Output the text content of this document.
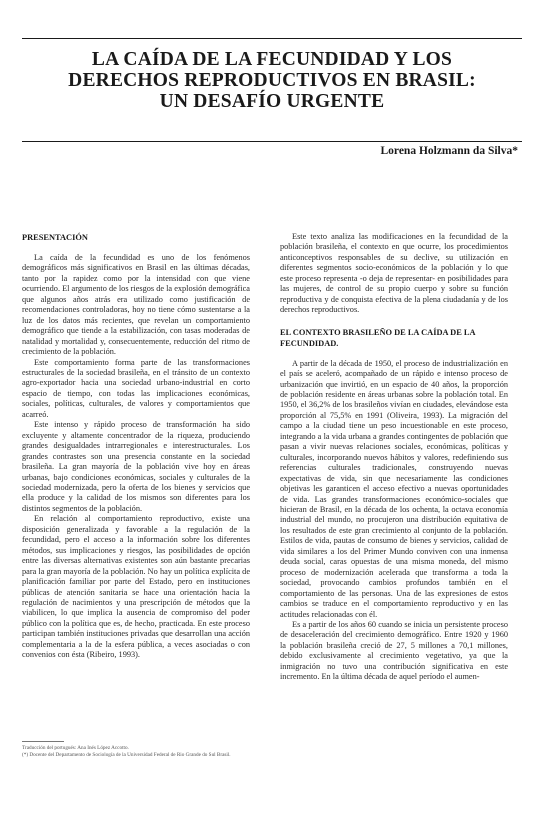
LA CAÍDA DE LA FECUNDIDAD Y LOS
DERECHOS REPRODUCTIVOS EN BRASIL:
UN DESAFÍO URGENTE
Lorena Holzmann da Silva*
PRESENTACIÓN

La caída de la fecundidad es uno de los fenómenos demográficos más significativos en Brasil en las últimas décadas, tanto por la rapidez como por la intensidad con que viene ocurriendo. El argumento de los riesgos de la explosión demográfica que algunos años atrás era utilizado como justificación de recomendaciones controladoras, hoy no tiene cómo sustentarse a la luz de los datos más recientes, que revelan un comportamiento demográfico que tiende a la estabilización, con tasas moderadas de natalidad y mortalidad y, consecuentemente, reducción del ritmo de crecimiento de la población.

Este comportamiento forma parte de las transformaciones estructurales de la sociedad brasileña, en el tránsito de un contexto agro-exportador hacia una sociedad urbano-industrial en corto espacio de tiempo, con todas las implicaciones económicas, sociales, políticas, culturales, de valores y comportamientos que acarreó.

Este intenso y rápido proceso de transformación ha sido excluyente y altamente concentrador de la riqueza, produciendo grandes desigualdades intrarregionales e interestructurales. Los grandes contrastes son una presencia constante en la sociedad brasileña. La gran mayoría de la población vive hoy en áreas urbanas, bajo condiciones económicas, sociales y culturales de la sociedad modernizada, pero la oferta de los bienes y servicios que ella produce y la calidad de los mismos son diferentes para los distintos segmentos de la población.

En relación al comportamiento reproductivo, existe una disposición generalizada y favorable a la regulación de la fecundidad, pero el acceso a la información sobre los diferentes métodos, sus implicaciones y riesgos, las posibilidades de opción entre las diversas alternativas existentes son aún bastante precarias para la gran mayoría de la población. No hay un política explícita de planificación familiar por parte del Estado, pero en instituciones públicas de atención sanitaria se hace una orientación hacia la regulación de nacimientos y una prescripción de métodos que la viabilicen, lo que implica la ausencia de compromiso del poder público con la política que es, de hecho, practicada. En este proceso participan también instituciones privadas que desarrollan una acción complementaria a la de la esfera pública, a veces asociadas o con convenios con ésta (Ribeiro, 1993).

Este texto analiza las modificaciones en la fecundidad de la población brasileña, el contexto en que ocurre, los procedimientos anticonceptivos responsables de su declive, su utilización en diferentes segmentos socio-económicos de la población y lo que este proceso representa -o deja de representar- en posibilidades para las mujeres, de control de su propio cuerpo y sobre su función reproductiva y de conquista efectiva de la plena ciudadanía y de los derechos reproductivos.

EL CONTEXTO BRASILEÑO DE LA CAÍDA DE LA FECUNDIDAD.

A partir de la década de 1950, el proceso de industrialización en el país se aceleró, acompañado de un rápido e intenso proceso de urbanización que invirtió, en un espacio de 40 años, la proporción de población residente en áreas urbanas sobre la población total. En 1950, el 36,2% de los brasileños vivían en ciudades, elevándose esta proporción al 75,5% en 1991 (Oliveira, 1993). La migración del campo a la ciudad tiene un peso incuestionable en este proceso, integrando a la vida urbana a grandes contingentes de población que pasan a vivir nuevas relaciones sociales, económicas, políticas y culturales, incorporando nuevos hábitos y valores, redefiniendo sus referencias culturales tradicionales, construyendo nuevas expectativas de vida, sin que necesariamente las condiciones objetivas les garanticen el acceso efectivo a nuevas oportunidades de vida. Las grandes transformaciones económico-sociales que hicieran de Brasil, en la década de los ochenta, la octava economía industrial del mundo, no procujeron una distribución equitativa de los resultados de este gran crecimiento al conjunto de la población. Estilos de vida, pautas de consumo de bienes y servicios, calidad de vida similares a los del Primer Mundo conviven con una inmensa deuda social, caras opuestas de una misma moneda, del mismo proceso de modernización acelerada que transforma a toda la sociedad, provocando cambios profundos también en el comportamiento de las personas. Una de las expresiones de estos cambios se traduce en el comportamiento reproductivo y en las actitudes relacionadas con él.

Es a partir de los años 60 cuando se inicia un persistente proceso de desaceleración del crecimiento demográfico. Entre 1920 y 1960 la población brasileña creció de 27, 5 millones a 70,1 millones, debido exclusivamente al crecimiento vegetativo, ya que la inmigración no tuvo una contribución significativa en este incremento. En la última década de aquel período el aumen-

Traducción del portugués: Ana Inés López Accotto.
(*) Docente del Departamento de Sociología de la Universidad Federal de Rio Grande do Sul Brasil.
